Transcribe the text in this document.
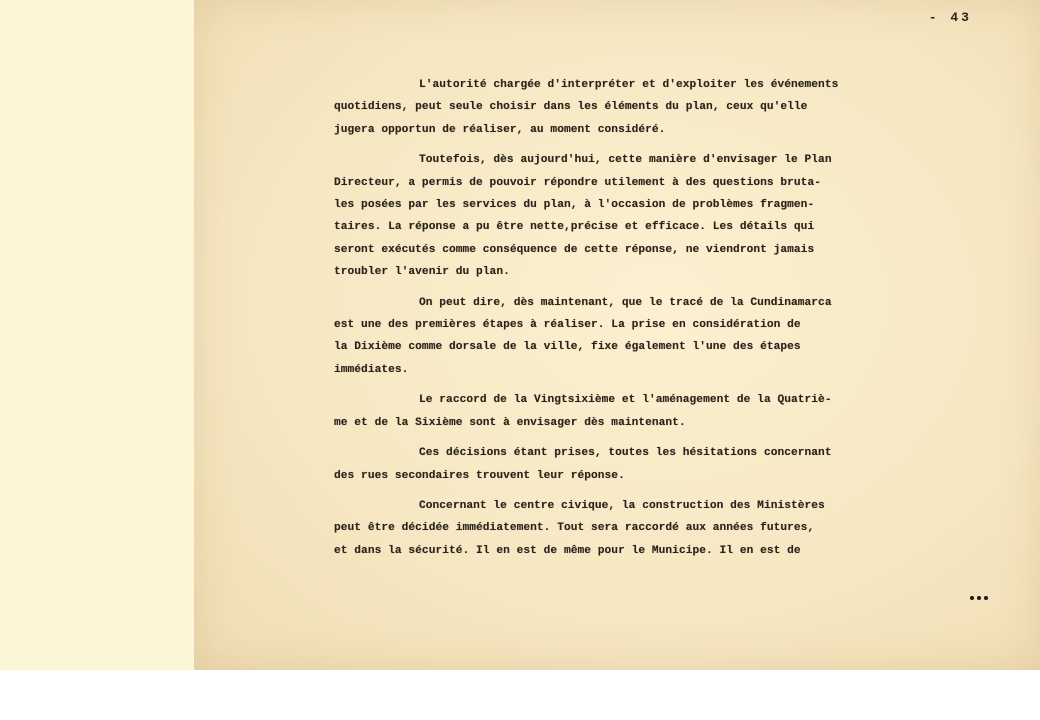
- 43

L'autorité chargée d'interpréter et d'exploiter les événements
quotidiens, peut seule choisir dans les éléments du plan, ceux qu'elle
jugera opportun de réaliser, au moment considéré.

Toutefois, dès aujourd'hui, cette manière d'envisager le Plan
Directeur, a permis de pouvoir répondre utilement à des questions bruta-
les posées par les services du plan, à l'occasion de problèmes fragmen-
taires. La réponse a pu être nette,précise et efficace. Les détails qui
seront exécutés comme conséquence de cette réponse, ne viendront jamais
troubler l'avenir du plan.

On peut dire, dès maintenant, que le tracé de la Cundinamarca
est une des premières étapes à réaliser. La prise en considération de
la Dixième comme dorsale de la ville, fixe également l'une des étapes
immédiates.

Le raccord de la Vingtsixième et l'aménagement de la Quatriè-
me et de la Sixième sont à envisager dès maintenant.

Ces décisions étant prises, toutes les hésitations concernant
des rues secondaires trouvent leur réponse.

Concernant le centre civique, la construction des Ministères
peut être décidée immédiatement. Tout sera raccordé aux années futures,
et dans la sécurité. Il en est de même pour le Municipe. Il en est de
